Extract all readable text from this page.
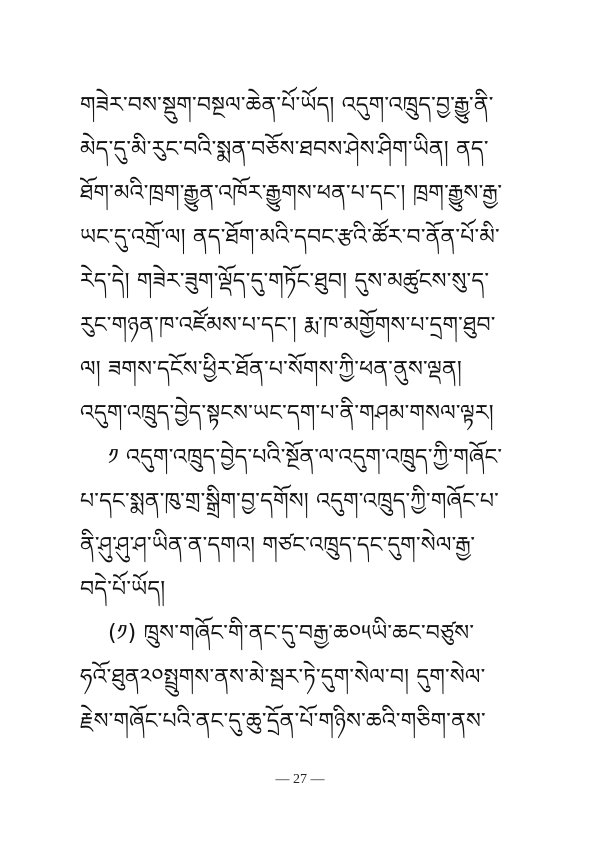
གཟེར་བས་སྡུག་བསྔལ་ཆེན་པོ་ཡོད། འདུག་འཁྲུད་བྱ་རྒྱུ་ནི་
མེད་དུ་མི་རུང་བའི་སྨན་བཅོས་ཐབས་ཤེས་ཤིག་ཡིན། ནད་
ཐོག་མའི་ཁྲག་རྒྱུན་འཁོར་རྒྱུགས་ཕན་པ་དང་། ཁྲག་རྒྱུས་རྒྱ་
ཡང་དུ་འགྲོ་ལ། ནད་ཐོག་མའི་དབང་རྩའི་ཚོར་བ་ནོན་པོ་མི་
རེད་དེ། གཟེར་ཟུག་ལྡོད་དུ་གཏོང་ཐུབ། དུས་མཚུངས་སུ་ད་
རུང་གཉན་ཁ་འཛོམས་པ་དང་། རྨ་ཁ་མགྱོགས་པ་དྲག་ཐུབ་
ལ། ཟགས་དངོས་ཕྱིར་ཐོན་པ་སོགས་ཀྱི་ཕན་ནུས་ལྡན།
འདུག་འཁྲུད་བྱེད་སྟངས་ཡང་དག་པ་ནི་གཤམ་གསལ་ལྟར།
༡ འདུག་འཁྲུད་བྱེད་པའི་སྔོན་ལ་འདུག་འཁྲུད་ཀྱི་གཞོང་
པ་དང་སྨན་ཁུ་གྲ་སྒྲིག་བྱ་དགོས། འདུག་འཁྲུད་ཀྱི་གཞོང་པ་
ནི་ཤུ་ཤུ་ཤ་ཡིན་ན་དགའ། གཙང་འཁྲུད་དང་དུག་སེལ་རྒྱ་
བདེ་པོ་ཡོད།
(༡) ཁྲུས་གཞོང་གི་ནང་དུ་བརྒྱ་ཆ༠༥ཡི་ཆང་བཙུས་
ཧའོ་ཐུན༢༠སྤྲུགས་ནས་མེ་སྦར་ཏེ་དུག་སེལ་བ། དུག་སེལ་
རྗེས་གཞོང་པའི་ནང་དུ་ཆུ་དྲོན་པོ་གཉིས་ཆའི་གཅིག་ནས་
— 27 —
